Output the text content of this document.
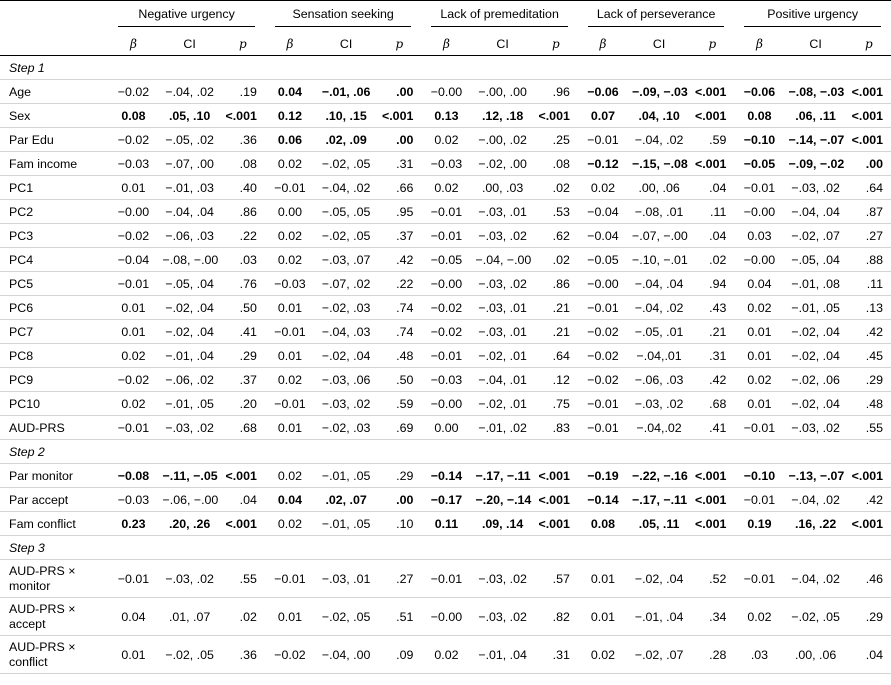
	Negative urgency			Sensation seeking			Lack of premeditation			Lack of perseverance			Positive urgency		

	β	CI	p	β	CI	p	β	CI	p	β	CI	p	β	CI	p
Step 1															
Age	−0.02	−.04, .02	.19	0.04	−.01, .06	.00	−0.00	−.00, .00	.96	−0.06	−.09, −.03	<.001	−0.06	−.08, −.03	<.001
Sex	0.08	.05, .10	<.001	0.12	.10, .15	<.001	0.13	.12, .18	<.001	0.07	.04, .10	<.001	0.08	.06, .11	<.001
Par Edu	−0.02	−.05, .02	.36	0.06	.02, .09	.00	0.02	−.00, .02	.25	−0.01	−.04, .02	.59	−0.10	−.14, −.07	<.001
Fam income	−0.03	−.07, .00	.08	0.02	−.02, .05	.31	−0.03	−.02, .00	.08	−0.12	−.15, −.08	<.001	−0.05	−.09, −.02	.00
PC1	0.01	−.01, .03	.40	−0.01	−.04, .02	.66	0.02	.00, .03	.02	0.02	.00, .06	.04	−0.01	−.03, .02	.64
PC2	−0.00	−.04, .04	.86	0.00	−.05, .05	.95	−0.01	−.03, .01	.53	−0.04	−.08, .01	.11	−0.00	−.04, .04	.87
PC3	−0.02	−.06, .03	.22	0.02	−.02, .05	.37	−0.01	−.03, .02	.62	−0.04	−.07, −.00	.04	0.03	−.02, .07	.27
PC4	−0.04	−.08, −.00	.03	0.02	−.03, .07	.42	−0.05	−.04, −.00	.02	−0.05	−.10, −.01	.02	−0.00	−.05, .04	.88
PC5	−0.01	−.05, .04	.76	−0.03	−.07, .02	.22	−0.00	−.03, .02	.86	−0.00	−.04, .04	.94	0.04	−.01, .08	.11
PC6	0.01	−.02, .04	.50	0.01	−.02, .03	.74	−0.02	−.03, .01	.21	−0.01	−.04, .02	.43	0.02	−.01, .05	.13
PC7	0.01	−.02, .04	.41	−0.01	−.04, .03	.74	−0.02	−.03, .01	.21	−0.02	−.05, .01	.21	0.01	−.02, .04	.42
PC8	0.02	−.01, .04	.29	0.01	−.02, .04	.48	−0.01	−.02, .01	.64	−0.02	−.04,.01	.31	0.01	−.02, .04	.45
PC9	−0.02	−.06, .02	.37	0.02	−.03, .06	.50	−0.03	−.04, .01	.12	−0.02	−.06, .03	.42	0.02	−.02, .06	.29
PC10	0.02	−.01, .05	.20	−0.01	−.03, .02	.59	−0.00	−.02, .01	.75	−0.01	−.03, .02	.68	0.01	−.02, .04	.48
AUD-PRS	−0.01	−.03, .02	.68	0.01	−.02, .03	.69	0.00	−.01, .02	.83	−0.01	−.04,.02	.41	−0.01	−.03, .02	.55
Step 2															
Par monitor	−0.08	−.11, −.05	<.001	0.02	−.01, .05	.29	−0.14	−.17, −.11	<.001	−0.19	−.22, −.16	<.001	−0.10	−.13, −.07	<.001
Par accept	−0.03	−.06, −.00	.04	0.04	.02, .07	.00	−0.17	−.20, −.14	<.001	−0.14	−.17, −.11	<.001	−0.01	−.04, .02	.42
Fam conflict	0.23	.20, .26	<.001	0.02	−.01, .05	.10	0.11	.09, .14	<.001	0.08	.05, .11	<.001	0.19	.16, .22	<.001
Step 3															
AUD-PRS × monitor	−0.01	−.03, .02	.55	−0.01	−.03, .01	.27	−0.01	−.03, .02	.57	0.01	−.02, .04	.52	−0.01	−.04, .02	.46
AUD-PRS × accept	0.04	.01, .07	.02	0.01	−.02, .05	.51	−0.00	−.03, .02	.82	0.01	−.01, .04	.34	0.02	−.02, .05	.29
AUD-PRS × conflict	0.01	−.02, .05	.36	−0.02	−.04, .00	.09	0.02	−.01, .04	.31	0.02	−.02, .07	.28	.03	.00, .06	.04
